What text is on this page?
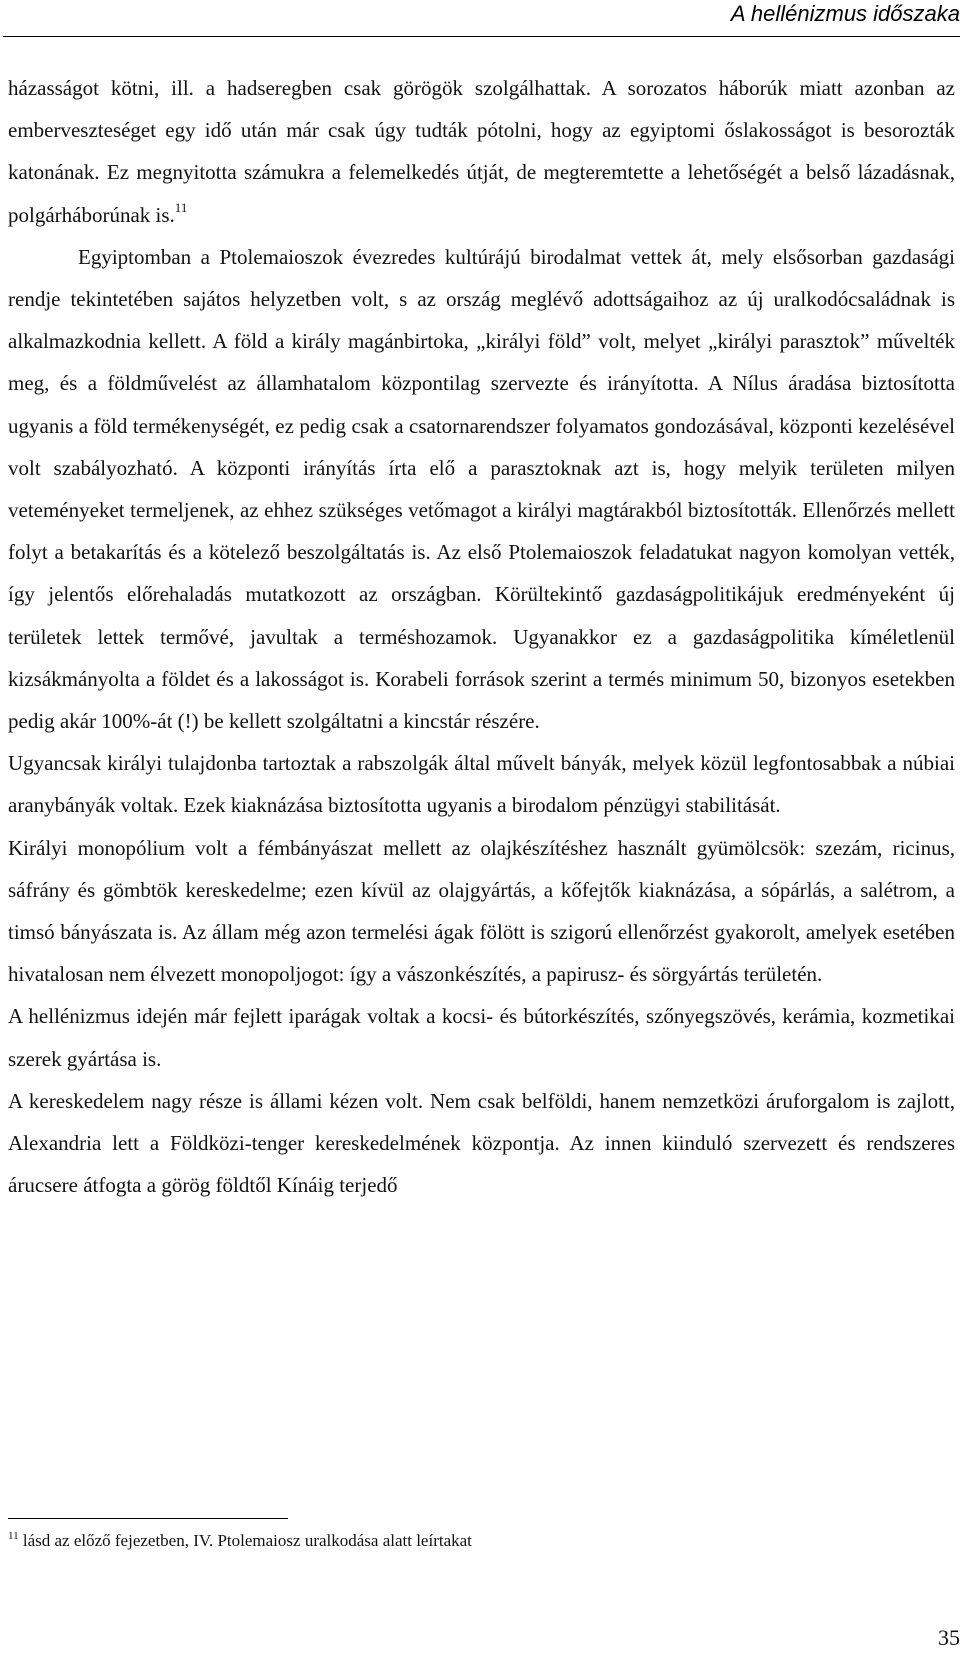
A hellénizmus időszaka

házasságot kötni, ill. a hadseregben csak görögök szolgálhattak. A sorozatos háborúk miatt azonban az emberveszteséget egy idő után már csak úgy tudták pótolni, hogy az egyiptomi őslakosságot is besorozták katonának. Ez megnyitotta számukra a felemelkedés útját, de megteremtette a lehetőségét a belső lázadásnak, polgárháborúnak is.$^{11}$

Egyiptomban a Ptolemaioszok évezredes kultúrájú birodalmat vettek át, mely elsősorban gazdasági rendje tekintetében sajátos helyzetben volt, s az ország meglévő adottságaihoz az új uralkodócsaládnak is alkalmazkodnia kellett. A föld a király magánbirtoka, „királyi föld” volt, melyet „királyi parasztok” művelték meg, és a földművelést az államhatalom központilag szervezte és irányította. A Nílus áradása biztosította ugyanis a föld termékenységét, ez pedig csak a csatornarendszer folyamatos gondozásával, központi kezelésével volt szabályozható. A központi irányítás írta elő a parasztoknak azt is, hogy melyik területen milyen veteményeket termeljenek, az ehhez szükséges vetőmagot a királyi magtárakból biztosították. Ellenőrzés mellett folyt a betakarítás és a kötelező beszolgáltatás is. Az első Ptolemaioszok feladatukat nagyon komolyan vették, így jelentős előrehaladás mutatkozott az országban. Körültekintő gazdaságpolitikájuk eredményeként új területek lettek termővé, javultak a terméshozamok. Ugyanakkor ez a gazdaságpolitika kíméletlenül kizsákmányolta a földet és a lakosságot is. Korabeli források szerint a termés minimum 50, bizonyos esetekben pedig akár 100%-át (!) be kellett szolgáltatni a kincstár részére.

Ugyancsak királyi tulajdonba tartoztak a rabszolgák által művelt bányák, melyek közül legfontosabbak a núbiai aranybányák voltak. Ezek kiaknázása biztosította ugyanis a birodalom pénzügyi stabilitását.

Királyi monopólium volt a fémbányászat mellett az olajkészítéshez használt gyümölcsök: szezám, ricinus, sáfrány és gömbtök kereskedelme; ezen kívül az olajgyártás, a kőfejtők kiaknázása, a sópárlás, a salétrom, a timsó bányászata is. Az állam még azon termelési ágak fölött is szigorú ellenőrzést gyakorolt, amelyek esetében hivatalosan nem élvezett monopoljogot: így a vászonkészítés, a papirusz- és sörgyártás területén.

A hellénizmus idején már fejlett iparágak voltak a kocsi- és bútorkészítés, szőnyegszövés, kerámia, kozmetikai szerek gyártása is.

A kereskedelem nagy része is állami kézen volt. Nem csak belföldi, hanem nemzetközi áruforgalom is zajlott, Alexandria lett a Földközi-tenger kereskedelmének központja. Az innen kiinduló szervezett és rendszeres árucsere átfogta a görög földtől Kínáig terjedő

$^{11}$ lásd az előző fejezetben, IV. Ptolemaiosz uralkodása alatt leírtakat
35
